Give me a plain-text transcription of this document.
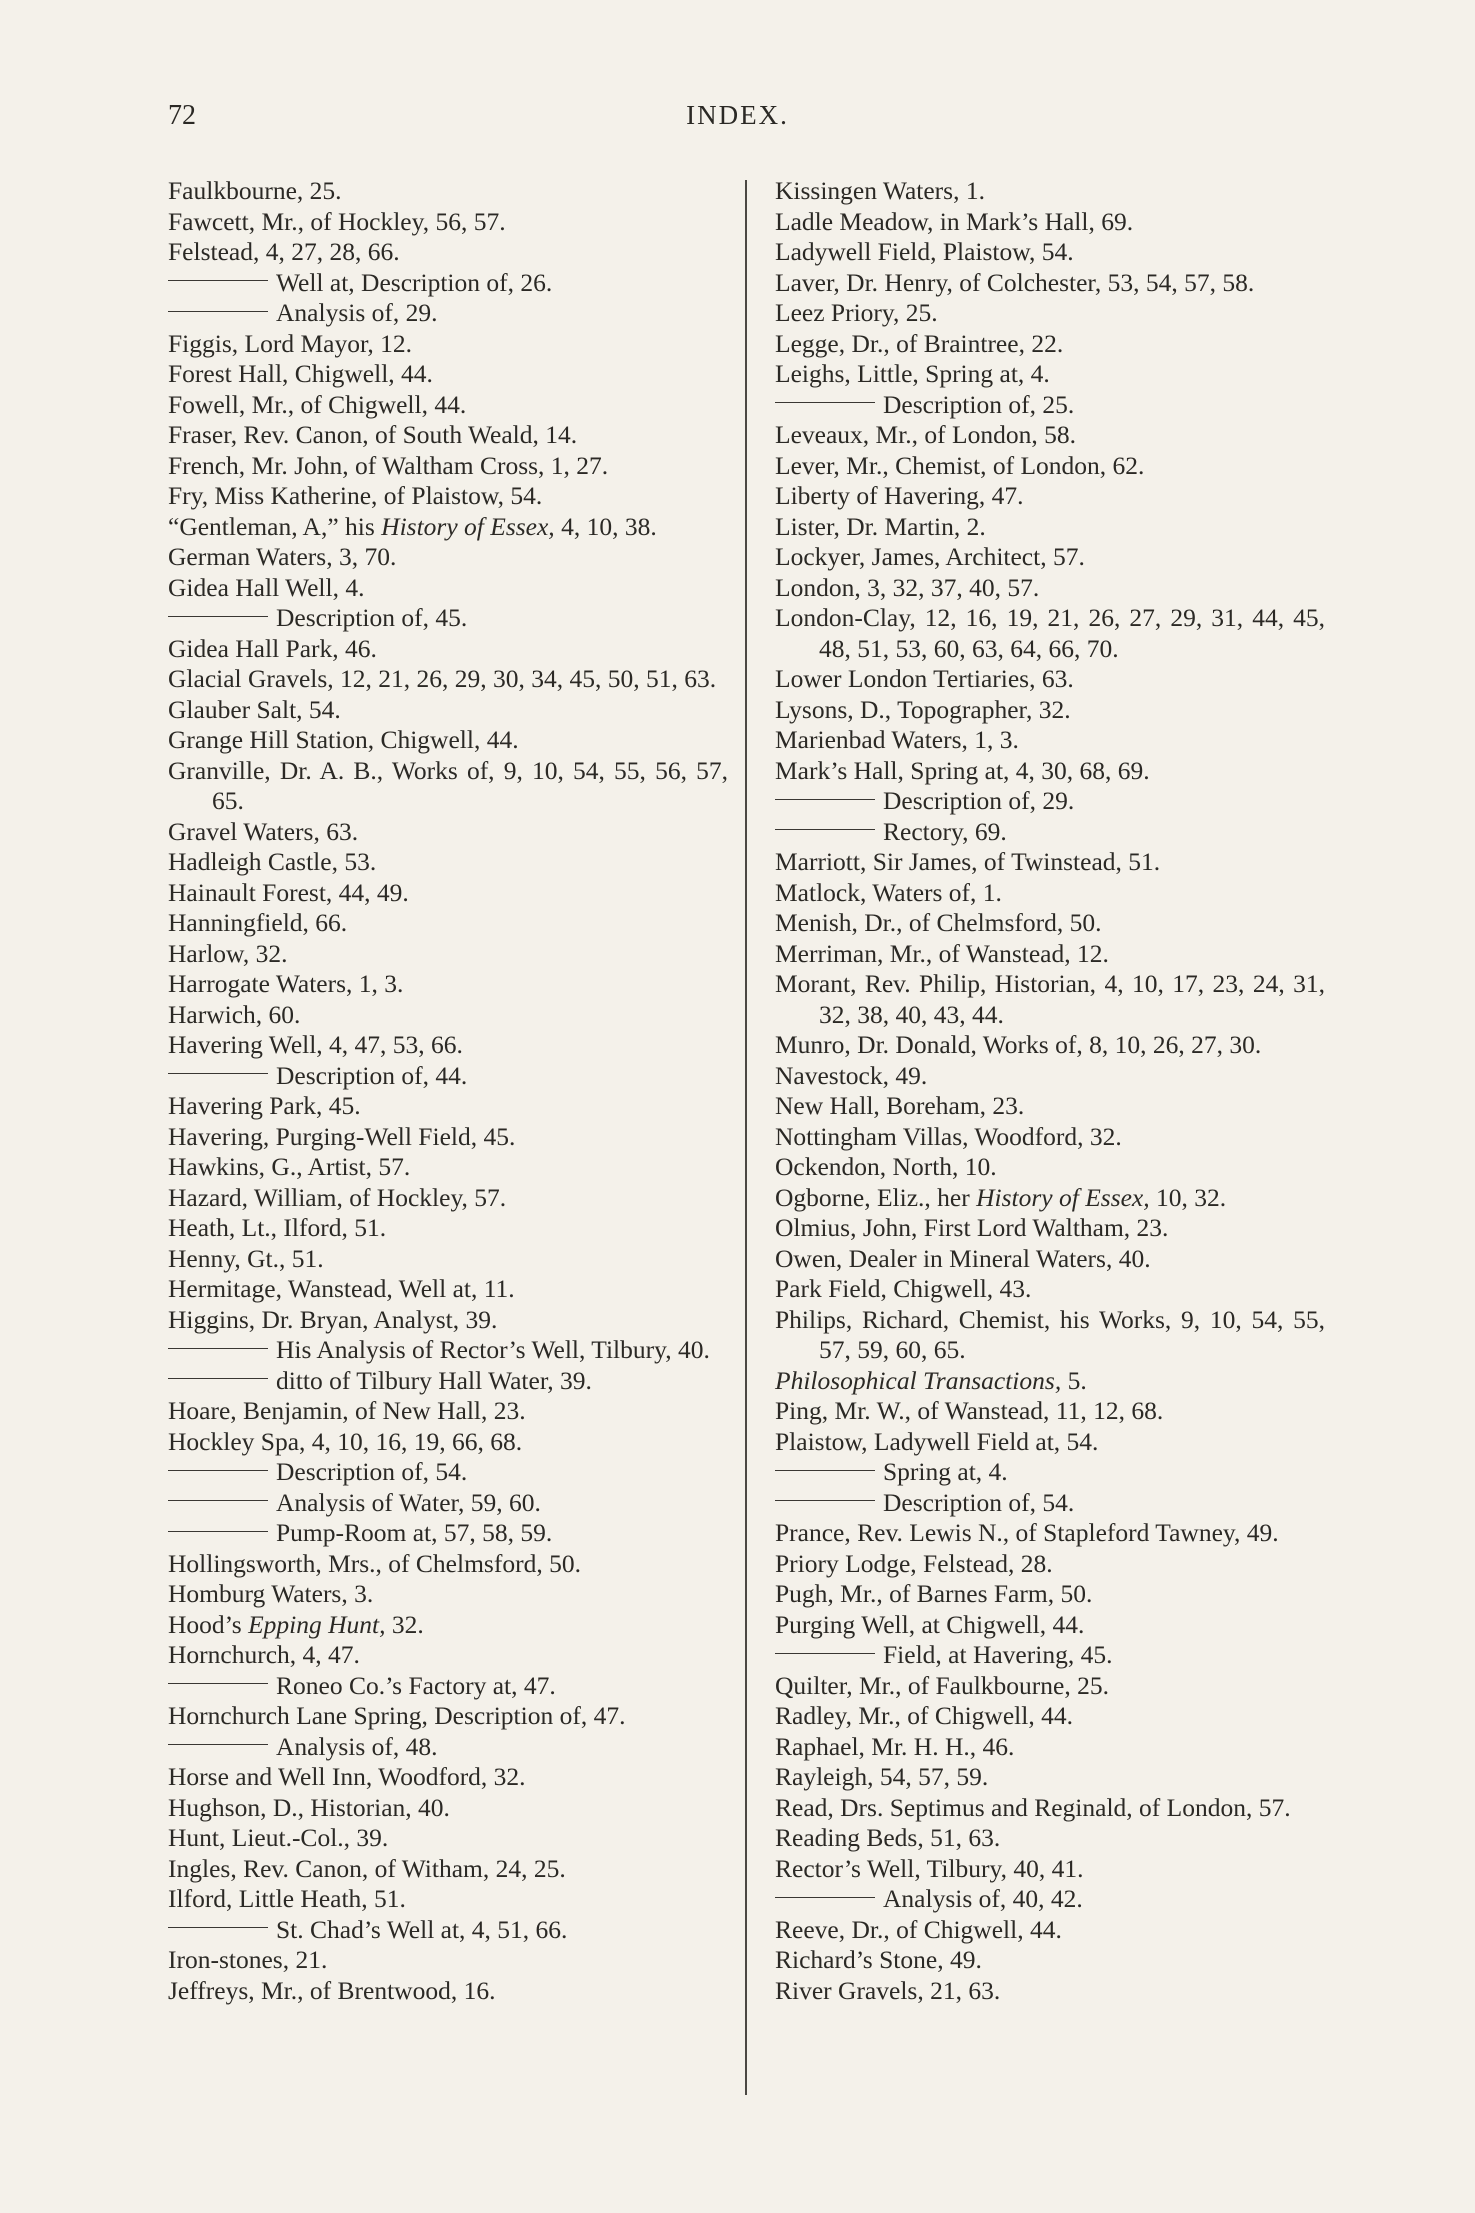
72	INDEX.
Faulkbourne, 25.
Fawcett, Mr., of Hockley, 56, 57.
Felstead, 4, 27, 28, 66.
Well at, Description of, 26.
Analysis of, 29.
Figgis, Lord Mayor, 12.
Forest Hall, Chigwell, 44.
Fowell, Mr., of Chigwell, 44.
Fraser, Rev. Canon, of South Weald, 14.
French, Mr. John, of Waltham Cross, 1, 27.
Fry, Miss Katherine, of Plaistow, 54.
“Gentleman, A,” his History of Essex, 4, 10, 38.
German Waters, 3, 70.
Gidea Hall Well, 4.
Description of, 45.
Gidea Hall Park, 46.
Glacial Gravels, 12, 21, 26, 29, 30, 34, 45, 50, 51, 63.
Glauber Salt, 54.
Grange Hill Station, Chigwell, 44.
Granville, Dr. A. B., Works of, 9, 10, 54, 55, 56, 57, 65.
Gravel Waters, 63.
Hadleigh Castle, 53.
Hainault Forest, 44, 49.
Hanningfield, 66.
Harlow, 32.
Harrogate Waters, 1, 3.
Harwich, 60.
Havering Well, 4, 47, 53, 66.
Description of, 44.
Havering Park, 45.
Havering, Purging-Well Field, 45.
Hawkins, G., Artist, 57.
Hazard, William, of Hockley, 57.
Heath, Lt., Ilford, 51.
Henny, Gt., 51.
Hermitage, Wanstead, Well at, 11.
Higgins, Dr. Bryan, Analyst, 39.
His Analysis of Rector’s Well, Tilbury, 40.
ditto of Tilbury Hall Water, 39.
Hoare, Benjamin, of New Hall, 23.
Hockley Spa, 4, 10, 16, 19, 66, 68.
Description of, 54.
Analysis of Water, 59, 60.
Pump-Room at, 57, 58, 59.
Hollingsworth, Mrs., of Chelmsford, 50.
Homburg Waters, 3.
Hood’s Epping Hunt, 32.
Hornchurch, 4, 47.
Roneo Co.’s Factory at, 47.
Hornchurch Lane Spring, Description of, 47.
Analysis of, 48.
Horse and Well Inn, Woodford, 32.
Hughson, D., Historian, 40.
Hunt, Lieut.-Col., 39.
Ingles, Rev. Canon, of Witham, 24, 25.
Ilford, Little Heath, 51.
St. Chad’s Well at, 4, 51, 66.
Iron-stones, 21.
Jeffreys, Mr., of Brentwood, 16.
Kissingen Waters, 1.
Ladle Meadow, in Mark’s Hall, 69.
Ladywell Field, Plaistow, 54.
Laver, Dr. Henry, of Colchester, 53, 54, 57, 58.
Leez Priory, 25.
Legge, Dr., of Braintree, 22.
Leighs, Little, Spring at, 4.
Description of, 25.
Leveaux, Mr., of London, 58.
Lever, Mr., Chemist, of London, 62.
Liberty of Havering, 47.
Lister, Dr. Martin, 2.
Lockyer, James, Architect, 57.
London, 3, 32, 37, 40, 57.
London-Clay, 12, 16, 19, 21, 26, 27, 29, 31, 44, 45, 48, 51, 53, 60, 63, 64, 66, 70.
Lower London Tertiaries, 63.
Lysons, D., Topographer, 32.
Marienbad Waters, 1, 3.
Mark’s Hall, Spring at, 4, 30, 68, 69.
Description of, 29.
Rectory, 69.
Marriott, Sir James, of Twinstead, 51.
Matlock, Waters of, 1.
Menish, Dr., of Chelmsford, 50.
Merriman, Mr., of Wanstead, 12.
Morant, Rev. Philip, Historian, 4, 10, 17, 23, 24, 31, 32, 38, 40, 43, 44.
Munro, Dr. Donald, Works of, 8, 10, 26, 27, 30.
Navestock, 49.
New Hall, Boreham, 23.
Nottingham Villas, Woodford, 32.
Ockendon, North, 10.
Ogborne, Eliz., her History of Essex, 10, 32.
Olmius, John, First Lord Waltham, 23.
Owen, Dealer in Mineral Waters, 40.
Park Field, Chigwell, 43.
Philips, Richard, Chemist, his Works, 9, 10, 54, 55, 57, 59, 60, 65.
Philosophical Transactions, 5.
Ping, Mr. W., of Wanstead, 11, 12, 68.
Plaistow, Ladywell Field at, 54.
Spring at, 4.
Description of, 54.
Prance, Rev. Lewis N., of Stapleford Tawney, 49.
Priory Lodge, Felstead, 28.
Pugh, Mr., of Barnes Farm, 50.
Purging Well, at Chigwell, 44.
Field, at Havering, 45.
Quilter, Mr., of Faulkbourne, 25.
Radley, Mr., of Chigwell, 44.
Raphael, Mr. H. H., 46.
Rayleigh, 54, 57, 59.
Read, Drs. Septimus and Reginald, of London, 57.
Reading Beds, 51, 63.
Rector’s Well, Tilbury, 40, 41.
Analysis of, 40, 42.
Reeve, Dr., of Chigwell, 44.
Richard’s Stone, 49.
River Gravels, 21, 63.
